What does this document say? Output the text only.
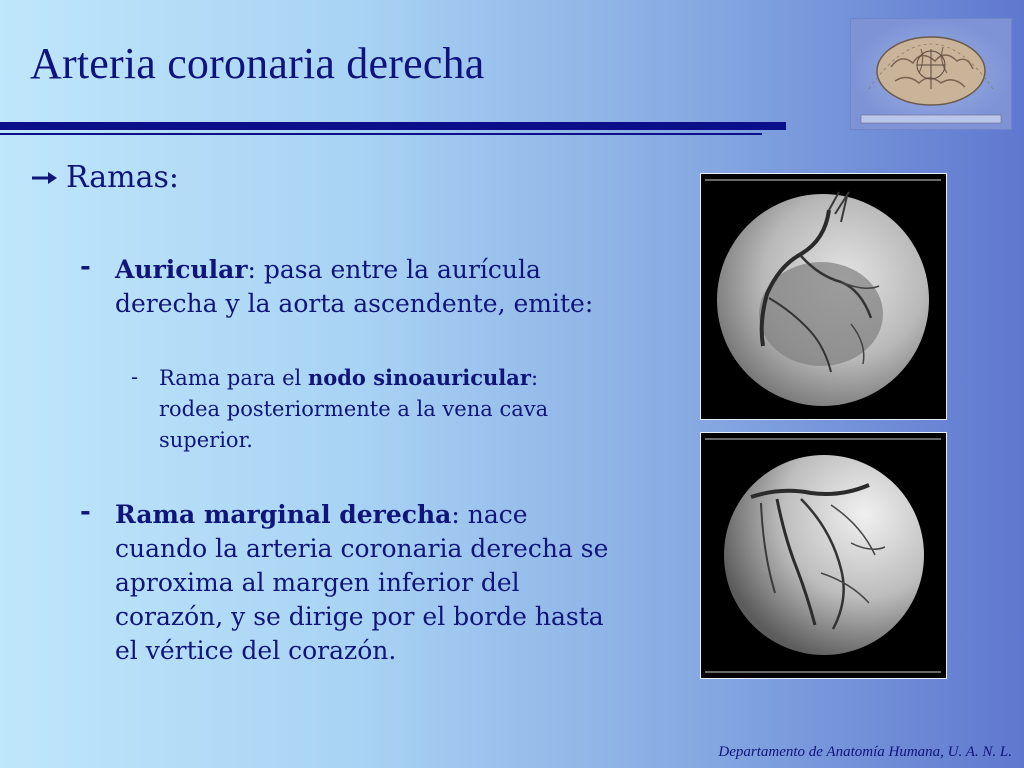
Arteria coronaria derecha
Ramas:
- Auricular: pasa entre la aurícula derecha y la aorta ascendente, emite:
- Rama para el nodo sinoauricular: rodea posteriormente a la vena cava superior.
- Rama marginal derecha: nace cuando la arteria coronaria derecha se aproxima al margen inferior del corazón, y se dirige por el borde hasta el vértice del corazón.
Departamento de Anatomía Humana, U. A. N. L.
